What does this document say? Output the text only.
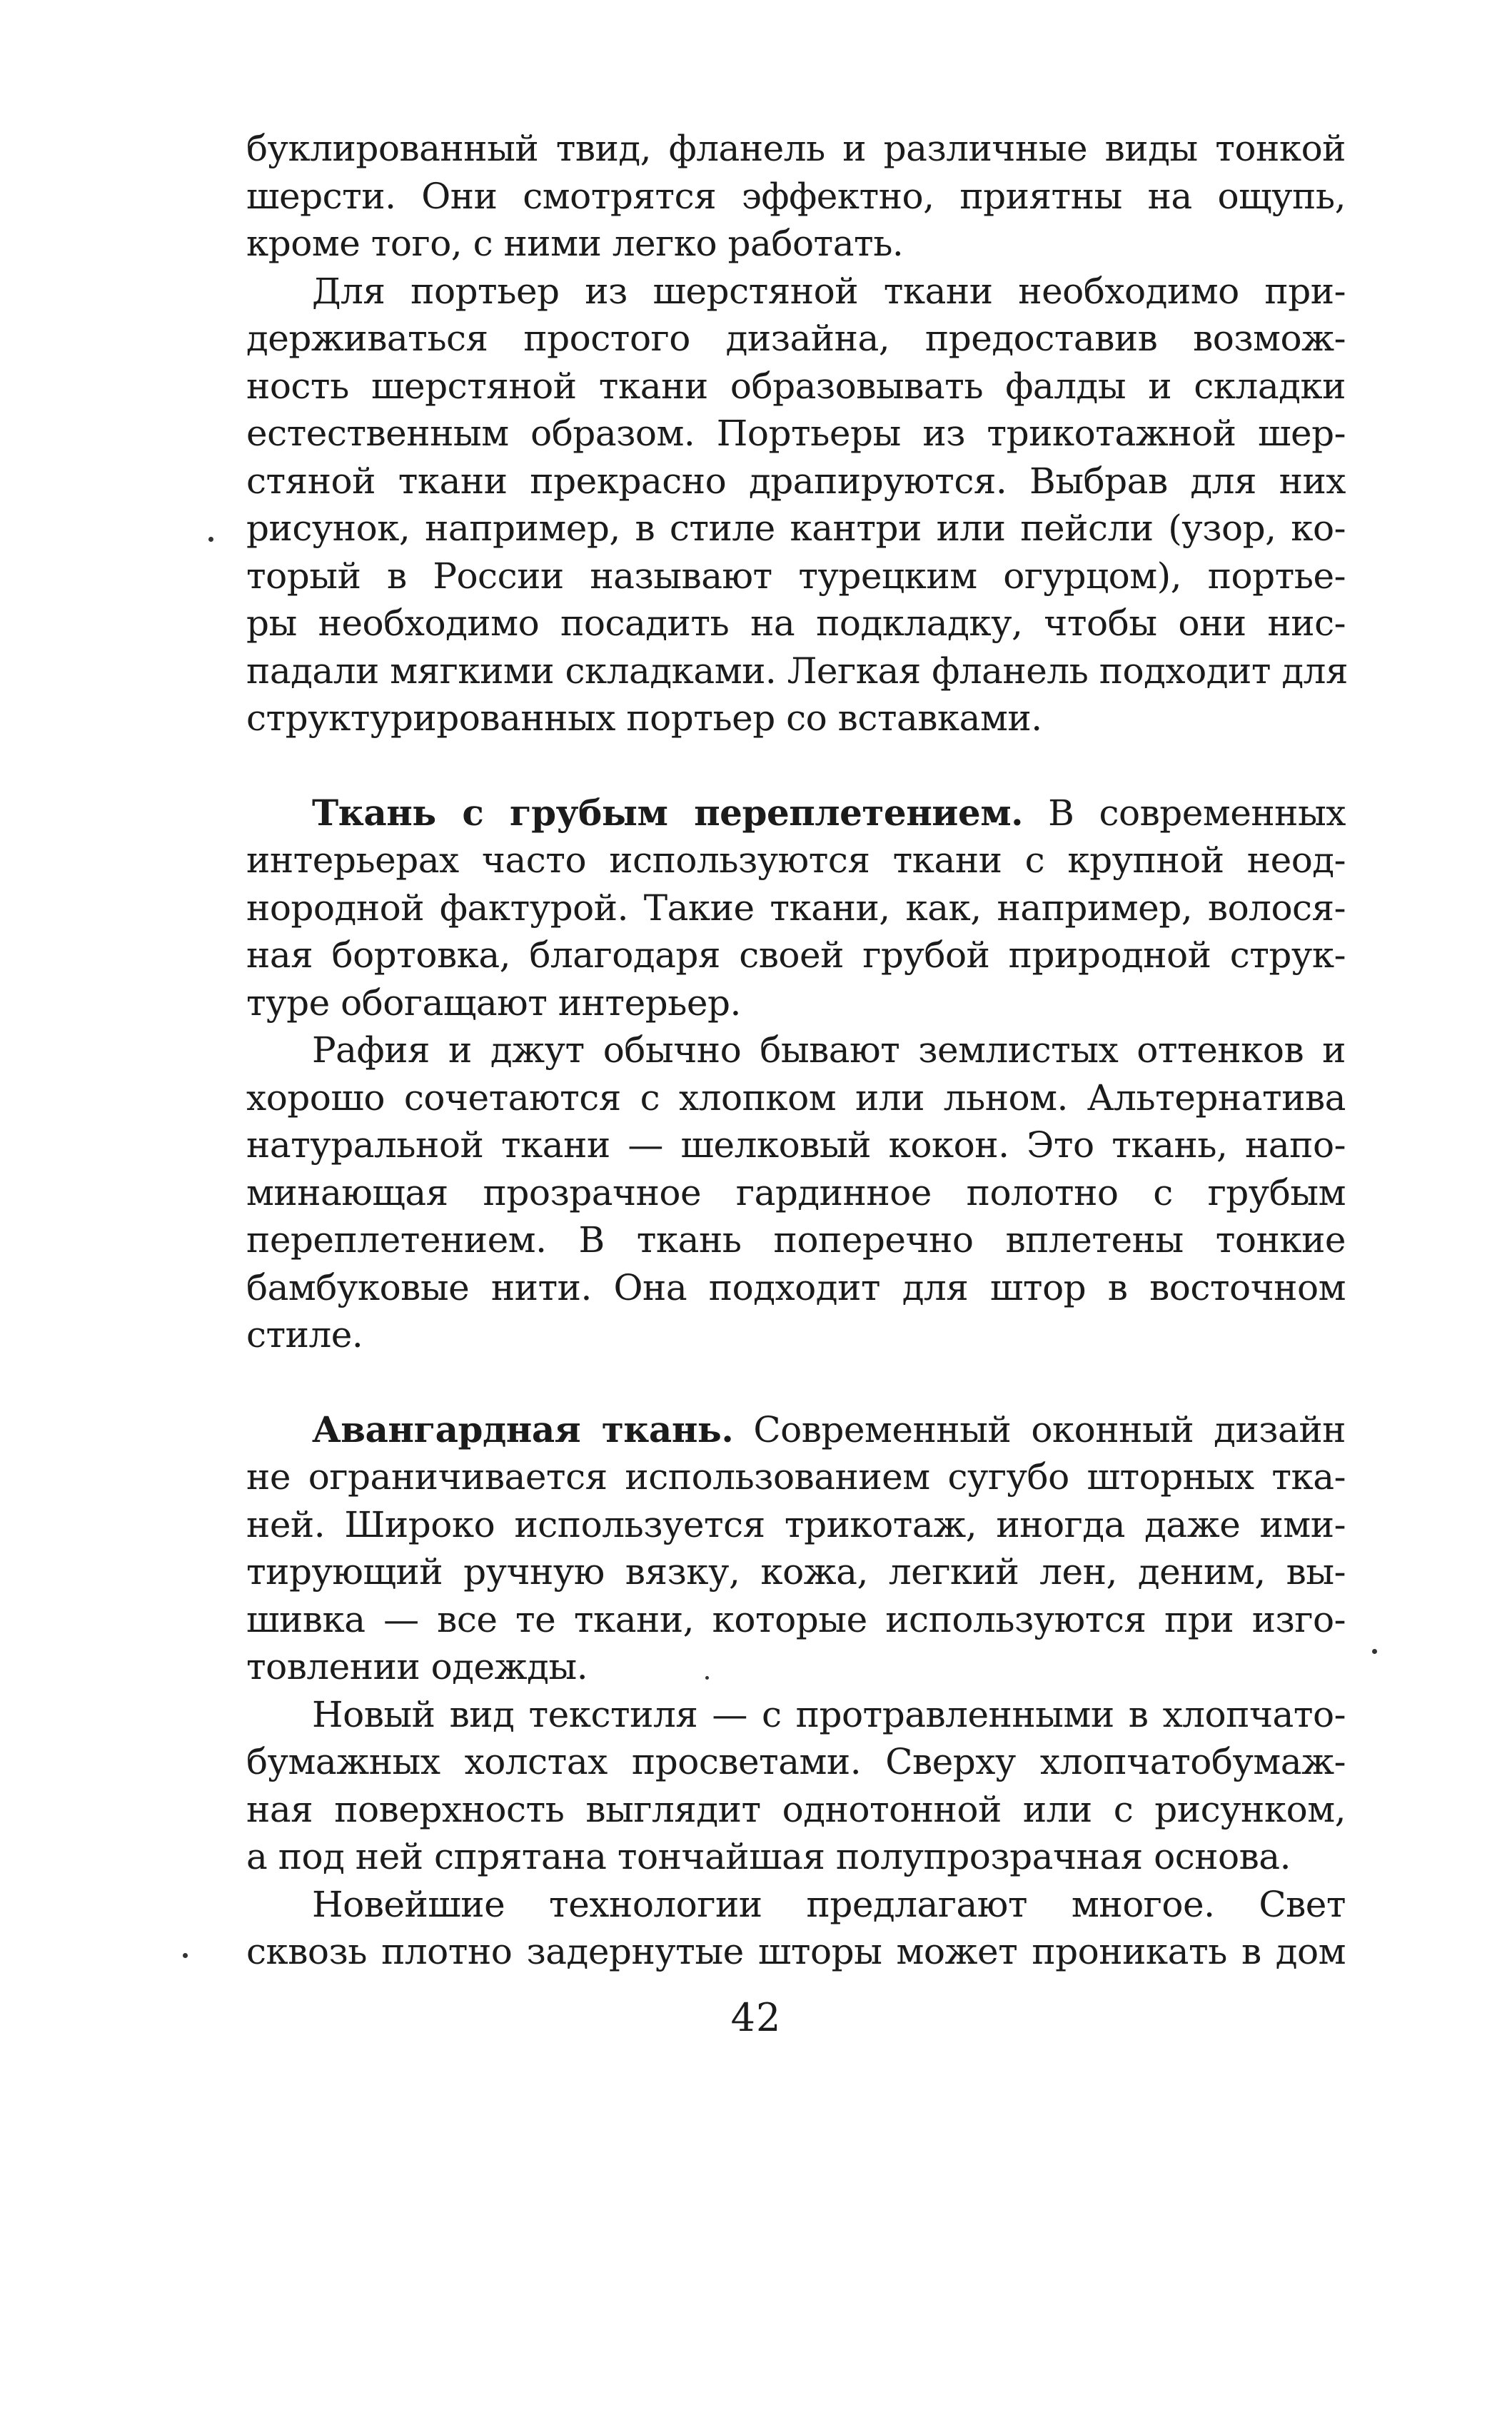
буклированный твид, фланель и различные виды тонкой
шерсти. Они смотрятся эффектно, приятны на ощупь,
кроме того, с ними легко работать.
Для портьер из шерстяной ткани необходимо при-
держиваться простого дизайна, предоставив возмож-
ность шерстяной ткани образовывать фалды и складки
естественным образом. Портьеры из трикотажной шер-
стяной ткани прекрасно драпируются. Выбрав для них
рисунок, например, в стиле кантри или пейсли (узор, ко-
торый в России называют турецким огурцом), портье-
ры необходимо посадить на подкладку, чтобы они нис-
падали мягкими складками. Легкая фланель подходит для
структурированных портьер со вставками.
Ткань с грубым переплетением. В современных
интерьерах часто используются ткани с крупной неод-
нородной фактурой. Такие ткани, как, например, волося-
ная бортовка, благодаря своей грубой природной струк-
туре обогащают интерьер.
Рафия и джут обычно бывают землистых оттенков и
хорошо сочетаются с хлопком или льном. Альтернатива
натуральной ткани — шелковый кокон. Это ткань, напо-
минающая прозрачное гардинное полотно с грубым
переплетением. В ткань поперечно вплетены тонкие
бамбуковые нити. Она подходит для штор в восточном
стиле.
Авангардная ткань. Современный оконный дизайн
не ограничивается использованием сугубо шторных тка-
ней. Широко используется трикотаж, иногда даже ими-
тирующий ручную вязку, кожа, легкий лен, деним, вы-
шивка — все те ткани, которые используются при изго-
товлении одежды.
Новый вид текстиля — с протравленными в хлопчато-
бумажных холстах просветами. Сверху хлопчатобумаж-
ная поверхность выглядит однотонной или с рисунком,
а под ней спрятана тончайшая полупрозрачная основа.
Новейшие технологии предлагают многое. Свет
сквозь плотно задернутые шторы может проникать в дом
42
